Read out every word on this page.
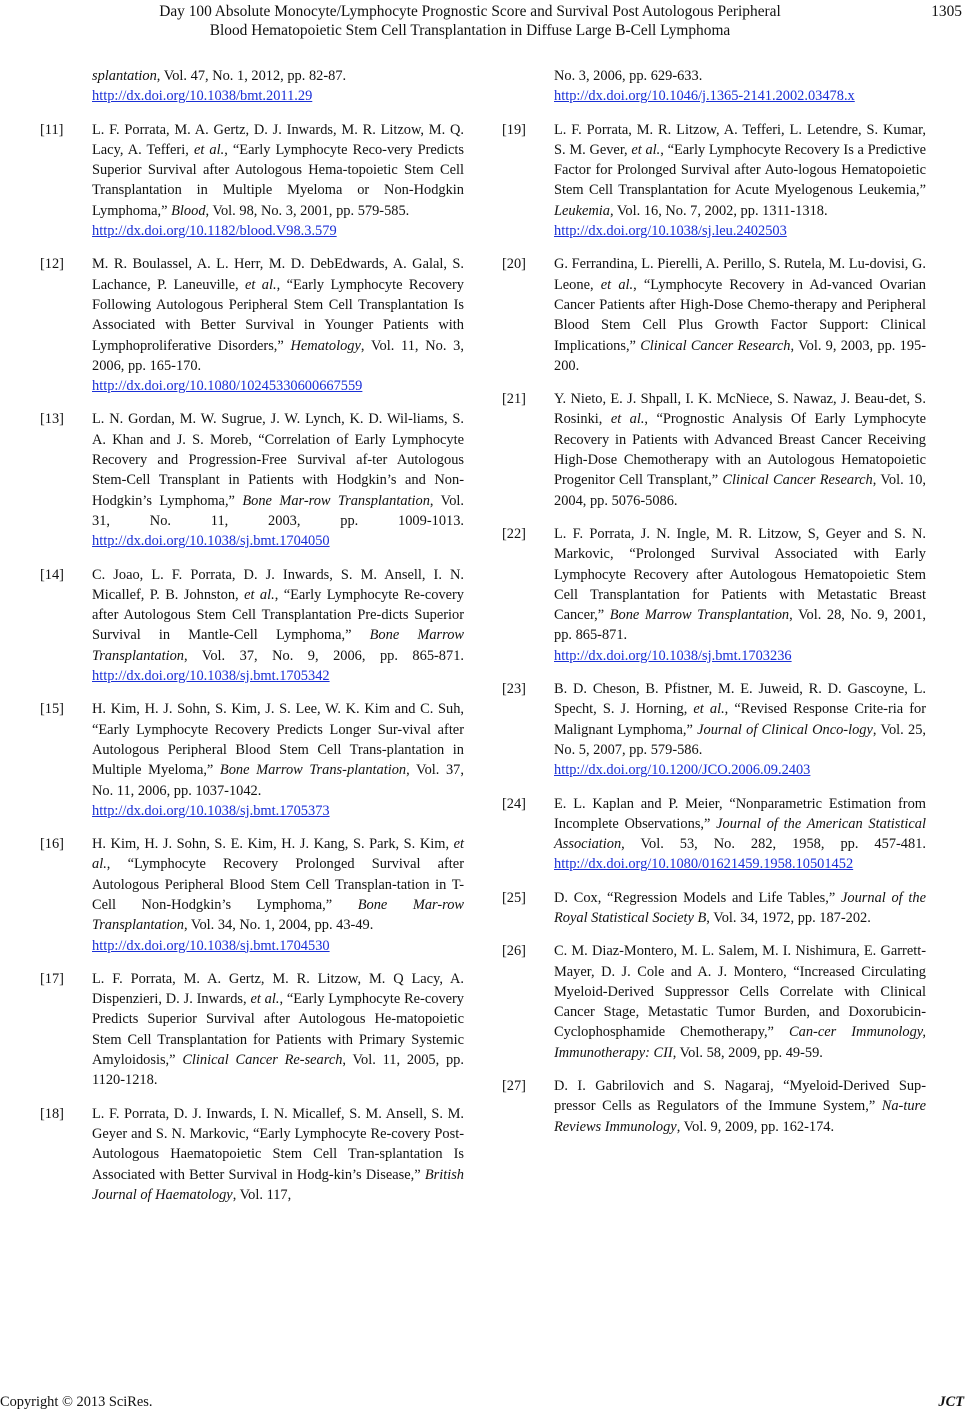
Day 100 Absolute Monocyte/Lymphocyte Prognostic Score and Survival Post Autologous Peripheral
Blood Hematopoietic Stem Cell Transplantation in Diffuse Large B-Cell Lymphoma
1305
splantation, Vol. 47, No. 1, 2012, pp. 82-87.
http://dx.doi.org/10.1038/bmt.2011.29
[11] L. F. Porrata, M. A. Gertz, D. J. Inwards, M. R. Litzow, M. Q. Lacy, A. Tefferi, et al., “Early Lymphocyte Reco-very Predicts Superior Survival after Autologous Hema-topoietic Stem Cell Transplantation in Multiple Myeloma or Non-Hodgkin Lymphoma,” Blood, Vol. 98, No. 3, 2001, pp. 579-585.
http://dx.doi.org/10.1182/blood.V98.3.579
[12] M. R. Boulassel, A. L. Herr, M. D. DebEdwards, A. Galal, S. Lachance, P. Laneuville, et al., “Early Lymphocyte Recovery Following Autologous Peripheral Stem Cell Transplantation Is Associated with Better Survival in Younger Patients with Lymphoproliferative Disorders,” Hematology, Vol. 11, No. 3, 2006, pp. 165-170.
http://dx.doi.org/10.1080/10245330600667559
[13] L. N. Gordan, M. W. Sugrue, J. W. Lynch, K. D. Wil-liams, S. A. Khan and J. S. Moreb, “Correlation of Early Lymphocyte Recovery and Progression-Free Survival af-ter Autologous Stem-Cell Transplant in Patients with Hodgkin’s and Non-Hodgkin’s Lymphoma,” Bone Mar-row Transplantation, Vol. 31, No. 11, 2003, pp. 1009-1013. http://dx.doi.org/10.1038/sj.bmt.1704050
[14] C. Joao, L. F. Porrata, D. J. Inwards, S. M. Ansell, I. N. Micallef, P. B. Johnston, et al., “Early Lymphocyte Re-covery after Autologous Stem Cell Transplantation Pre-dicts Superior Survival in Mantle-Cell Lymphoma,” Bone Marrow Transplantation, Vol. 37, No. 9, 2006, pp. 865-871. http://dx.doi.org/10.1038/sj.bmt.1705342
[15] H. Kim, H. J. Sohn, S. Kim, J. S. Lee, W. K. Kim and C. Suh, “Early Lymphocyte Recovery Predicts Longer Sur-vival after Autologous Peripheral Blood Stem Cell Trans-plantation in Multiple Myeloma,” Bone Marrow Trans-plantation, Vol. 37, No. 11, 2006, pp. 1037-1042.
http://dx.doi.org/10.1038/sj.bmt.1705373
[16] H. Kim, H. J. Sohn, S. E. Kim, H. J. Kang, S. Park, S. Kim, et al., “Lymphocyte Recovery Prolonged Survival after Autologous Peripheral Blood Stem Cell Transplan-tation in T-Cell Non-Hodgkin’s Lymphoma,” Bone Mar-row Transplantation, Vol. 34, No. 1, 2004, pp. 43-49.
http://dx.doi.org/10.1038/sj.bmt.1704530
[17] L. F. Porrata, M. A. Gertz, M. R. Litzow, M. Q Lacy, A. Dispenzieri, D. J. Inwards, et al., “Early Lymphocyte Re-covery Predicts Superior Survival after Autologous He-matopoietic Stem Cell Transplantation for Patients with Primary Systemic Amyloidosis,” Clinical Cancer Re-search, Vol. 11, 2005, pp. 1120-1218.
[18] L. F. Porrata, D. J. Inwards, I. N. Micallef, S. M. Ansell, S. M. Geyer and S. N. Markovic, “Early Lymphocyte Re-covery Post-Autologous Haematopoietic Stem Cell Tran-splantation Is Associated with Better Survival in Hodg-kin’s Disease,” British Journal of Haematology, Vol. 117,
No. 3, 2006, pp. 629-633.
http://dx.doi.org/10.1046/j.1365-2141.2002.03478.x
[19] L. F. Porrata, M. R. Litzow, A. Tefferi, L. Letendre, S. Kumar, S. M. Gever, et al., “Early Lymphocyte Recovery Is a Predictive Factor for Prolonged Survival after Auto-logous Hematopoietic Stem Cell Transplantation for Acute Myelogenous Leukemia,” Leukemia, Vol. 16, No. 7, 2002, pp. 1311-1318.
http://dx.doi.org/10.1038/sj.leu.2402503
[20] G. Ferrandina, L. Pierelli, A. Perillo, S. Rutela, M. Lu-dovisi, G. Leone, et al., “Lymphocyte Recovery in Ad-vanced Ovarian Cancer Patients after High-Dose Chemo-therapy and Peripheral Blood Stem Cell Plus Growth Factor Support: Clinical Implications,” Clinical Cancer Research, Vol. 9, 2003, pp. 195-200.
[21] Y. Nieto, E. J. Shpall, I. K. McNiece, S. Nawaz, J. Beau-det, S. Rosinki, et al., “Prognostic Analysis Of Early Lymphocyte Recovery in Patients with Advanced Breast Cancer Receiving High-Dose Chemotherapy with an Autologous Hematopoietic Progenitor Cell Transplant,” Clinical Cancer Research, Vol. 10, 2004, pp. 5076-5086.
[22] L. F. Porrata, J. N. Ingle, M. R. Litzow, S, Geyer and S. N. Markovic, “Prolonged Survival Associated with Early Lymphocyte Recovery after Autologous Hematopoietic Stem Cell Transplantation for Patients with Metastatic Breast Cancer,” Bone Marrow Transplantation, Vol. 28, No. 9, 2001, pp. 865-871.
http://dx.doi.org/10.1038/sj.bmt.1703236
[23] B. D. Cheson, B. Pfistner, M. E. Juweid, R. D. Gascoyne, L. Specht, S. J. Horning, et al., “Revised Response Crite-ria for Malignant Lymphoma,” Journal of Clinical Onco-logy, Vol. 25, No. 5, 2007, pp. 579-586.
http://dx.doi.org/10.1200/JCO.2006.09.2403
[24] E. L. Kaplan and P. Meier, “Nonparametric Estimation from Incomplete Observations,” Journal of the American Statistical Association, Vol. 53, No. 282, 1958, pp. 457-481. http://dx.doi.org/10.1080/01621459.1958.10501452
[25] D. Cox, “Regression Models and Life Tables,” Journal of the Royal Statistical Society B, Vol. 34, 1972, pp. 187-202.
[26] C. M. Diaz-Montero, M. L. Salem, M. I. Nishimura, E. Garrett-Mayer, D. J. Cole and A. J. Montero, “Increased Circulating Myeloid-Derived Suppressor Cells Correlate with Clinical Cancer Stage, Metastatic Tumor Burden, and Doxorubicin-Cyclophosphamide Chemotherapy,” Can-cer Immunology, Immunotherapy: CII, Vol. 58, 2009, pp. 49-59.
[27] D. I. Gabrilovich and S. Nagaraj, “Myeloid-Derived Sup-pressor Cells as Regulators of the Immune System,” Na-ture Reviews Immunology, Vol. 9, 2009, pp. 162-174.
Copyright © 2013 SciRes.	JCT
